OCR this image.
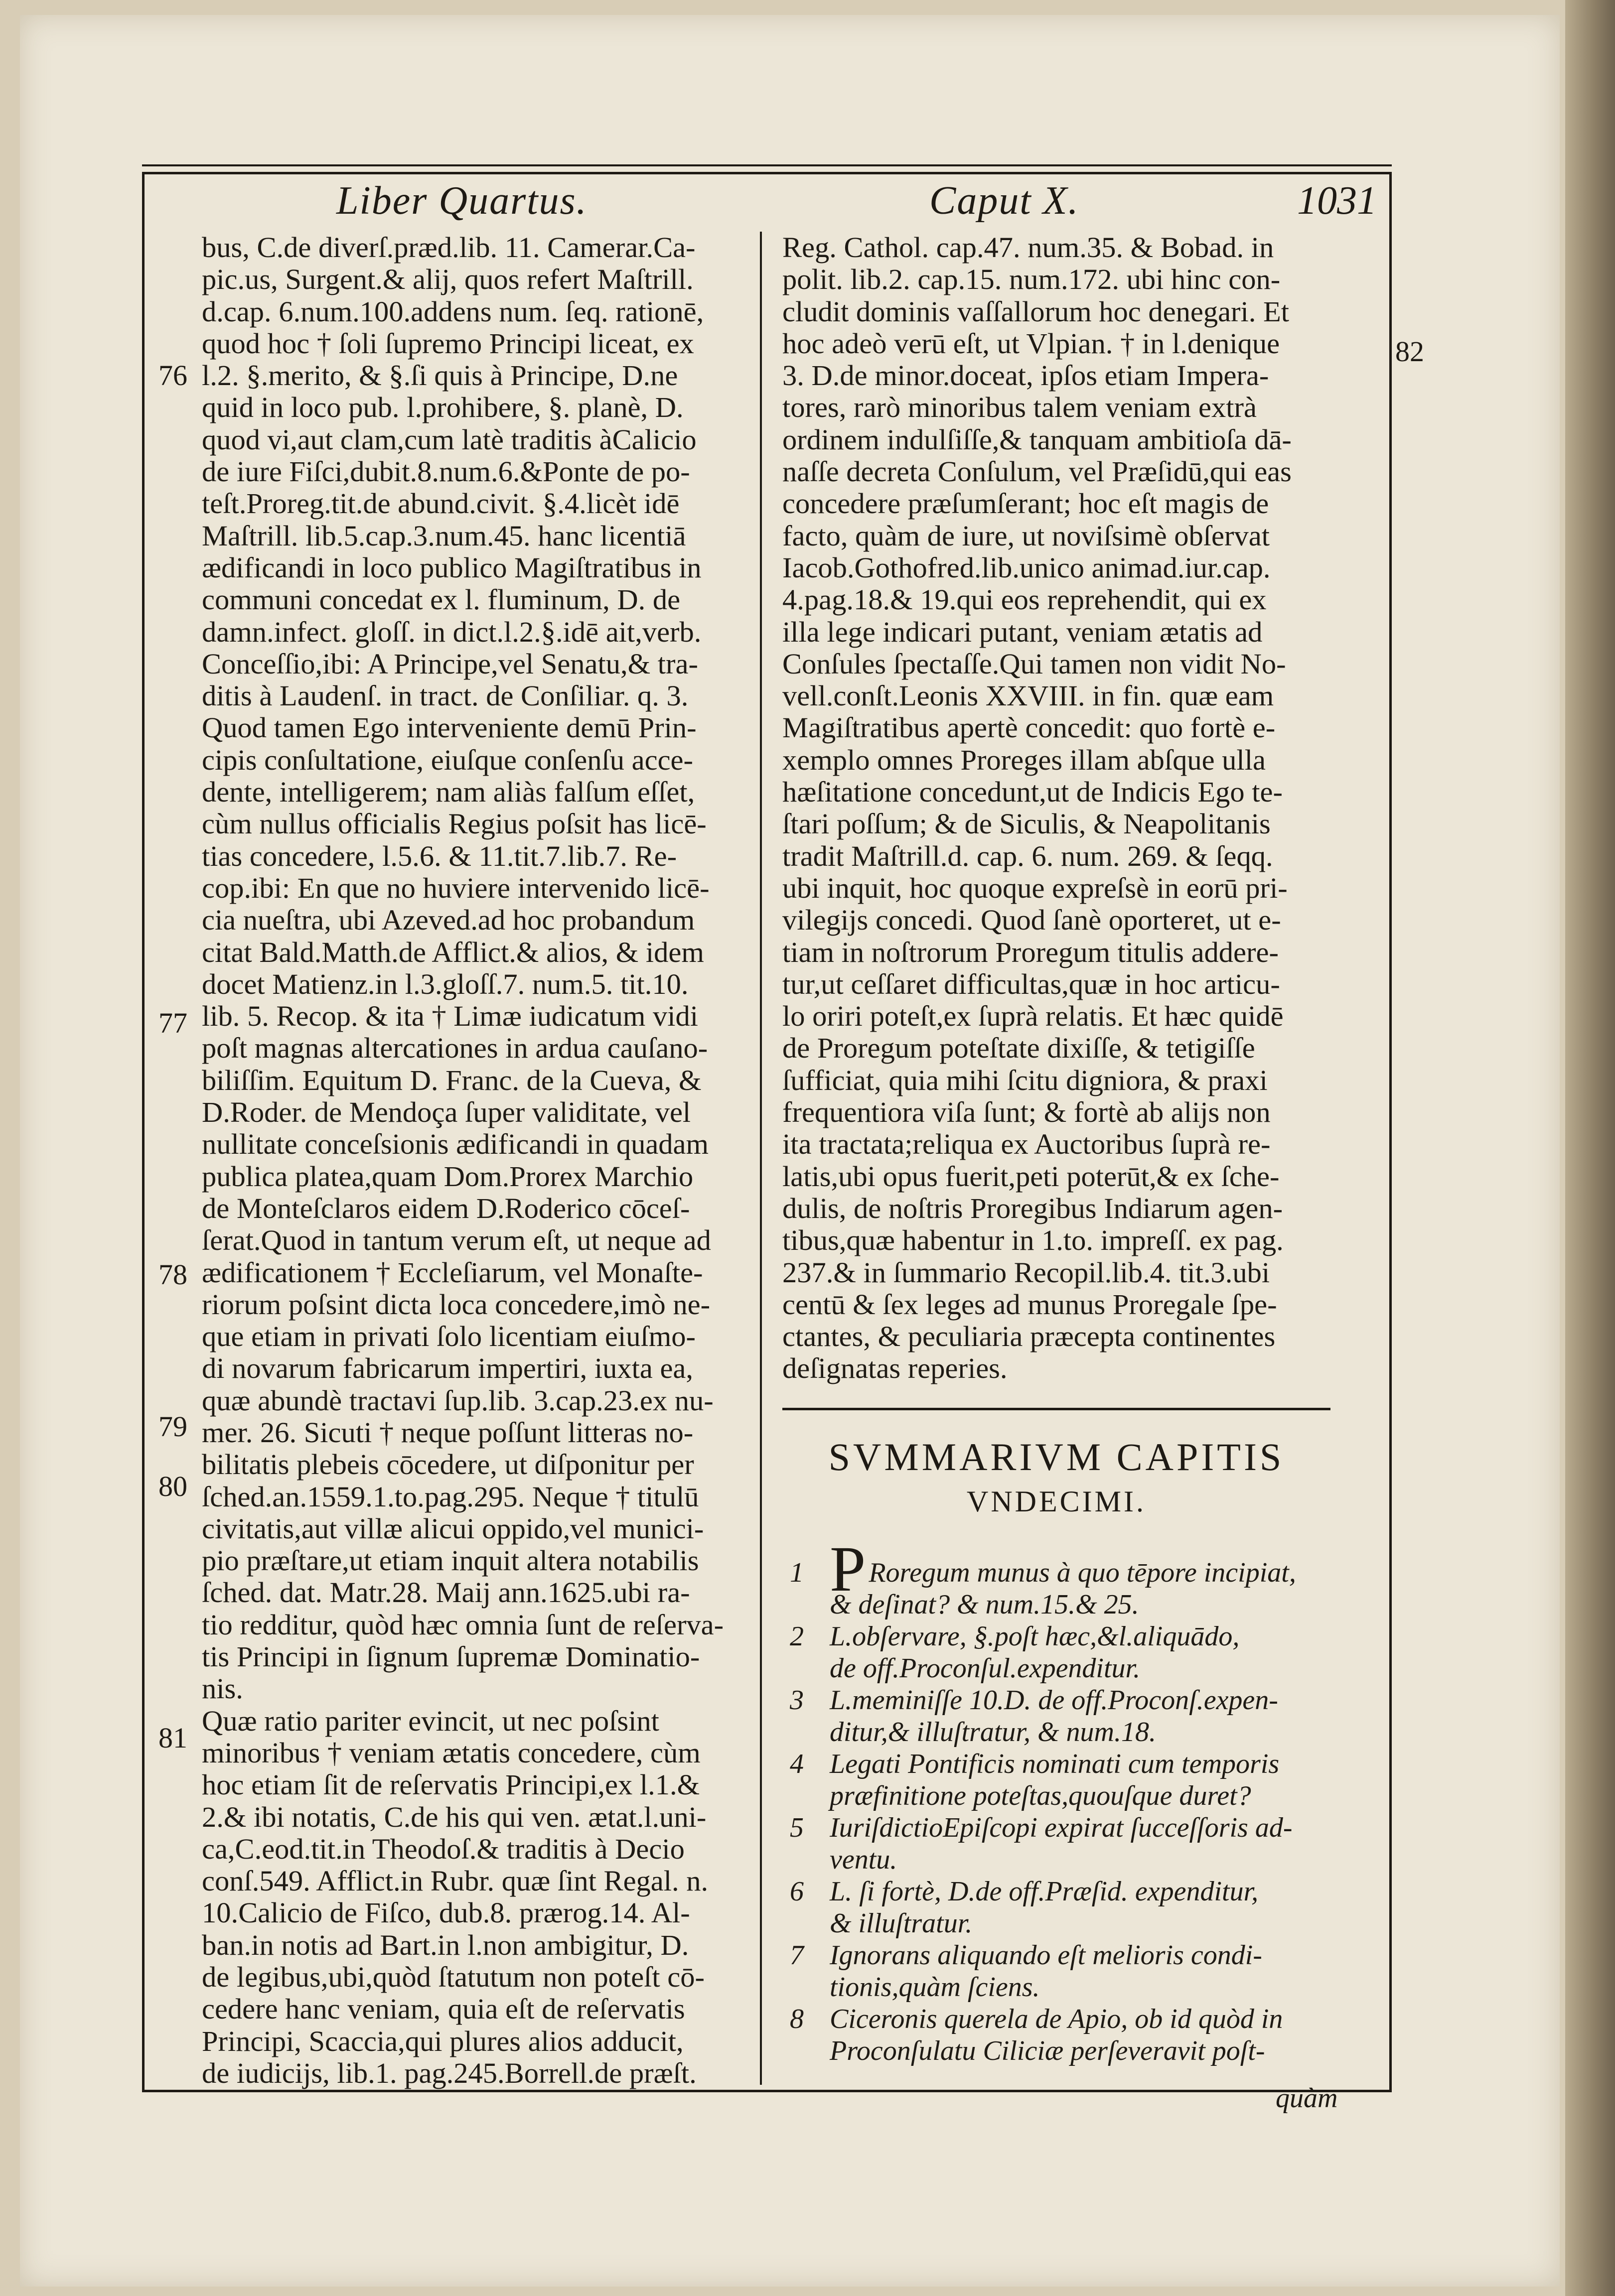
Liber Quartus.	Caput X.	1031
bus, C.de diverſ.præd.lib. 11. Camerar.Ca-
pic.us, Surgent.& alij, quos refert Maſtrill.
d.cap. 6.num.100.addens num. ſeq. rationē,
quod hoc † ſoli ſupremo Principi liceat, ex
l.2. §.merito, & §.ſi quis à Principe, D.ne
quid in loco pub. l.prohibere, §. planè, D.
quod vi,aut clam,cum latè traditis àCalicio
de iure Fiſci,dubit.8.num.6.&Ponte de po-
teſt.Proreg.tit.de abund.civit. §.4.licèt idē
Maſtrill. lib.5.cap.3.num.45. hanc licentiā
ædificandi in loco publico Magiſtratibus in
communi concedat ex l. fluminum, D. de
damn.infect. gloſſ. in dict.l.2.§.idē ait,verb.
Conceſſio,ibi: A Principe,vel Senatu,& tra-
ditis à Laudenſ. in tract. de Conſiliar. q. 3.
Quod tamen Ego interveniente demū Prin-
cipis conſultatione, eiuſque conſenſu acce-
dente, intelligerem; nam aliàs falſum eſſet,
cùm nullus officialis Regius poſsit has licē-
tias concedere, l.5.6. & 11.tit.7.lib.7. Re-
cop.ibi: En que no huviere intervenido licē-
cia nueſtra, ubi Azeved.ad hoc probandum
citat Bald.Matth.de Afflict.& alios, & idem
docet Matienz.in l.3.gloſſ.7. num.5. tit.10.
lib. 5. Recop. & ita † Limæ iudicatum vidi
poſt magnas altercationes in ardua cauſano-
biliſſim. Equitum D. Franc. de la Cueva, &
D.Roder. de Mendoça ſuper validitate, vel
nullitate conceſsionis ædificandi in quadam
publica platea,quam Dom.Prorex Marchio
de Monteſclaros eidem D.Roderico cōceſ-
ſerat.Quod in tantum verum eſt, ut neque ad
ædificationem † Eccleſiarum, vel Monaſte-
riorum poſsint dicta loca concedere,imò ne-
que etiam in privati ſolo licentiam eiuſmo-
di novarum fabricarum impertiri, iuxta ea,
quæ abundè tractavi ſup.lib. 3.cap.23.ex nu-
mer. 26. Sicuti † neque poſſunt litteras no-
bilitatis plebeis cōcedere, ut diſponitur per
ſched.an.1559.1.to.pag.295. Neque † titulū
civitatis,aut villæ alicui oppido,vel munici-
pio præſtare,ut etiam inquit altera notabilis
ſched. dat. Matr.28. Maij ann.1625.ubi ra-
tio redditur, quòd hæc omnia ſunt de reſerva-
tis Principi in ſignum ſupremæ Dominatio-
nis.
Quæ ratio pariter evincit, ut nec poſsint
minoribus † veniam ætatis concedere, cùm
hoc etiam ſit de reſervatis Principi,ex l.1.&
2.& ibi notatis, C.de his qui ven. ætat.l.uni-
ca,C.eod.tit.in Theodoſ.& traditis à Decio
conſ.549. Afflict.in Rubr. quæ ſint Regal. n.
10.Calicio de Fiſco, dub.8. prærog.14. Al-
ban.in notis ad Bart.in l.non ambigitur, D.
de legibus,ubi,quòd ſtatutum non poteſt cō-
cedere hanc veniam, quia eſt de reſervatis
Principi, Scaccia,qui plures alios adducit,
de iudicijs, lib.1. pag.245.Borrell.de præſt.
Reg. Cathol. cap.47. num.35. & Bobad. in
polit. lib.2. cap.15. num.172. ubi hinc con-
cludit dominis vaſſallorum hoc denegari. Et
hoc adeò verū eſt, ut Vlpian. † in l.denique
3. D.de minor.doceat, ipſos etiam Impera-
tores, rarò minoribus talem veniam extrà
ordinem indulſiſſe,& tanquam ambitioſa dā-
naſſe decreta Conſulum, vel Præſidū,qui eas
concedere præſumſerant; hoc eſt magis de
facto, quàm de iure, ut noviſsimè obſervat
Iacob.Gothofred.lib.unico animad.iur.cap.
4.pag.18.& 19.qui eos reprehendit, qui ex
illa lege indicari putant, veniam ætatis ad
Conſules ſpectaſſe.Qui tamen non vidit No-
vell.conſt.Leonis XXVIII. in fin. quæ eam
Magiſtratibus apertè concedit: quo fortè e-
xemplo omnes Proreges illam abſque ulla
hæſitatione concedunt,ut de Indicis Ego te-
ſtari poſſum; & de Siculis, & Neapolitanis
tradit Maſtrill.d. cap. 6. num. 269. & ſeqq.
ubi inquit, hoc quoque expreſsè in eorū pri-
vilegijs concedi. Quod ſanè oporteret, ut e-
tiam in noſtrorum Proregum titulis addere-
tur,ut ceſſaret difficultas,quæ in hoc articu-
lo oriri poteſt,ex ſuprà relatis. Et hæc quidē
de Proregum poteſtate dixiſſe, & tetigiſſe
ſufficiat, quia mihi ſcitu digniora, & praxi
frequentiora viſa ſunt; & fortè ab alijs non
ita tractata;reliqua ex Auctoribus ſuprà re-
latis,ubi opus fuerit,peti poterūt,& ex ſche-
dulis, de noſtris Proregibus Indiarum agen-
tibus,quæ habentur in 1.to. impreſſ. ex pag.
237.& in ſummario Recopil.lib.4. tit.3.ubi
centū & ſex leges ad munus Proregale ſpe-
ctantes, & peculiaria præcepta continentes
deſignatas reperies.
76
77
78
79
80
81
82
SVMMARIVM CAPITIS
VNDECIMI.
1 P Roregum munus à quo tēpore incipiat,
& deſinat? & num.15.& 25.
2 L.obſervare, §.poſt hæc,&l.aliquādo,
de off.Proconſul.expenditur.
3 L.meminiſſe 10.D. de off.Proconſ.expen-
ditur,& illuſtratur, & num.18.
4 Legati Pontificis nominati cum temporis
præfinitione poteſtas,quouſque duret?
5 IuriſdictioEpiſcopi expirat ſucceſſoris ad-
ventu.
6 L. ſi fortè, D.de off.Præſid. expenditur,
& illuſtratur.
7 Ignorans aliquando eſt melioris condi-
tionis,quàm ſciens.
8 Ciceronis querela de Apio, ob id quòd in
Proconſulatu Ciliciæ perſeveravit poſt-
quàm
